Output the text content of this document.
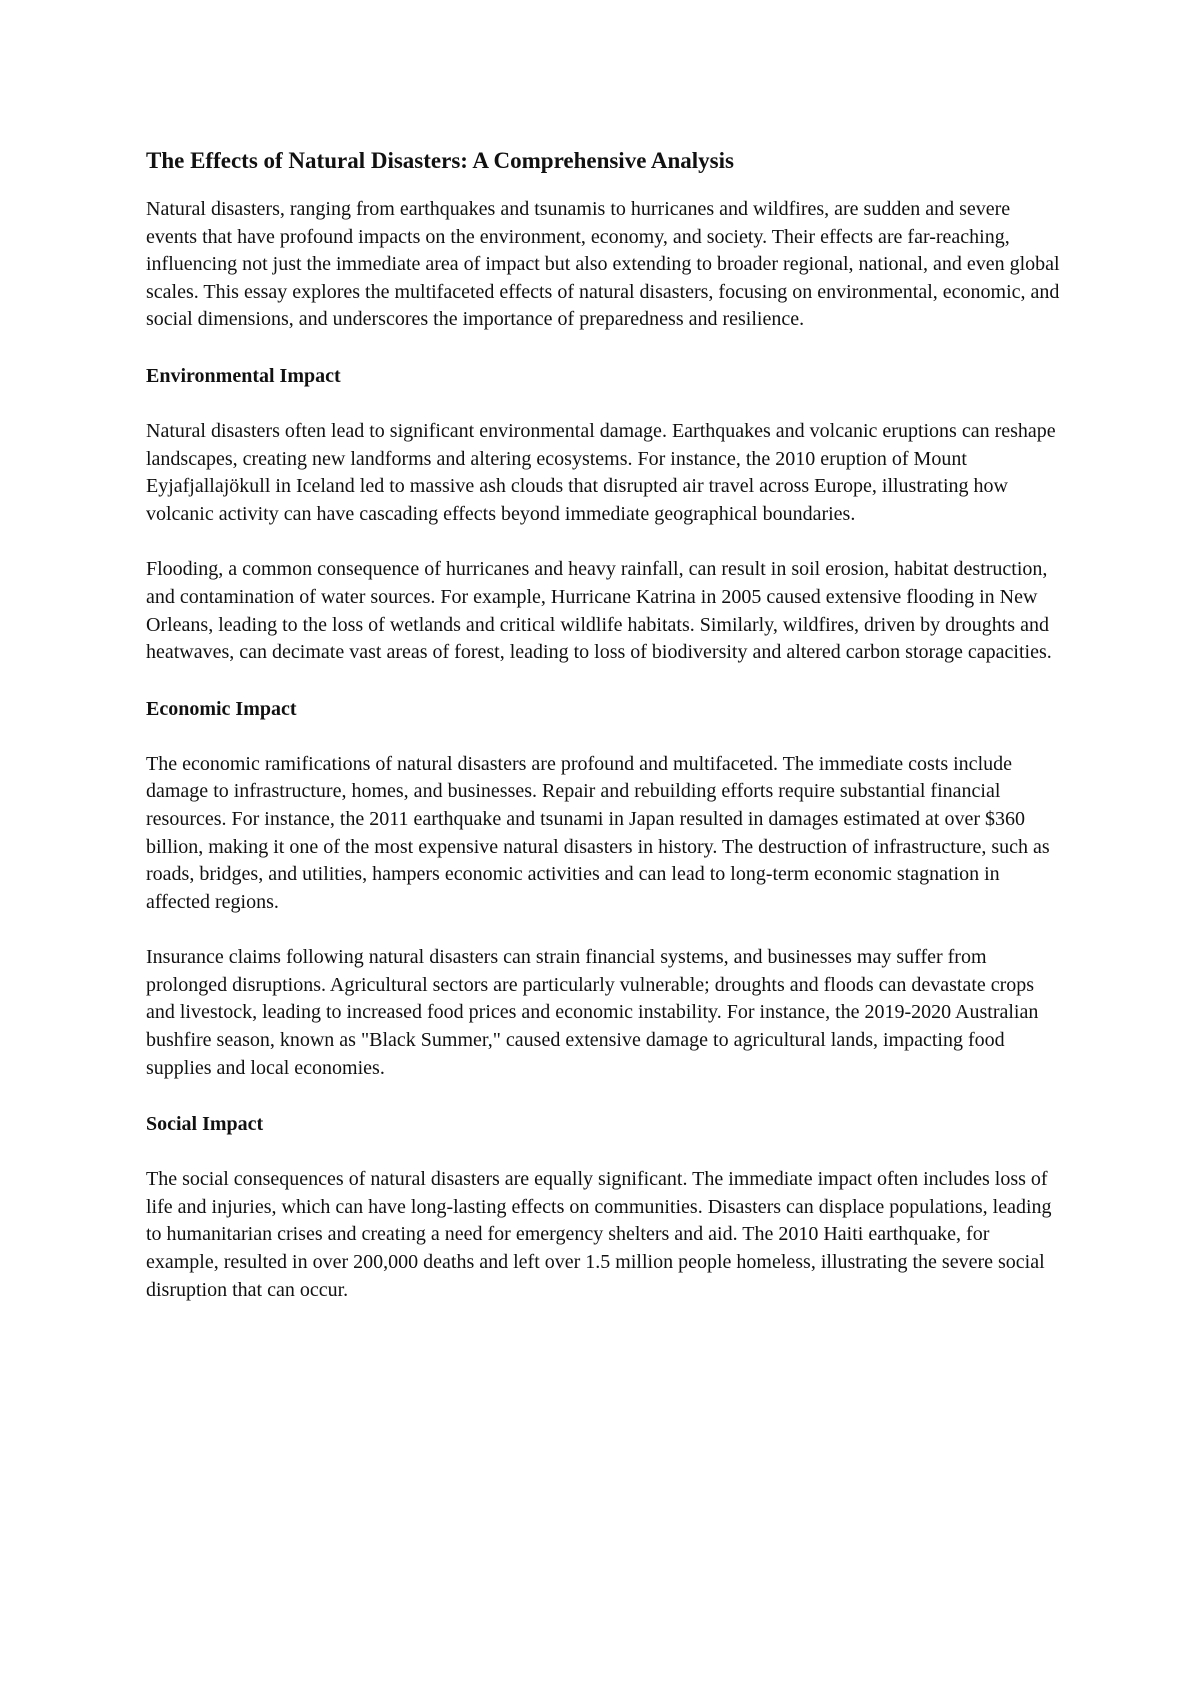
The Effects of Natural Disasters: A Comprehensive Analysis

Natural disasters, ranging from earthquakes and tsunamis to hurricanes and wildfires, are sudden and severe events that have profound impacts on the environment, economy, and society. Their effects are far-reaching, influencing not just the immediate area of impact but also extending to broader regional, national, and even global scales. This essay explores the multifaceted effects of natural disasters, focusing on environmental, economic, and social dimensions, and underscores the importance of preparedness and resilience.

Environmental Impact

Natural disasters often lead to significant environmental damage. Earthquakes and volcanic eruptions can reshape landscapes, creating new landforms and altering ecosystems. For instance, the 2010 eruption of Mount Eyjafjallajökull in Iceland led to massive ash clouds that disrupted air travel across Europe, illustrating how volcanic activity can have cascading effects beyond immediate geographical boundaries.

Flooding, a common consequence of hurricanes and heavy rainfall, can result in soil erosion, habitat destruction, and contamination of water sources. For example, Hurricane Katrina in 2005 caused extensive flooding in New Orleans, leading to the loss of wetlands and critical wildlife habitats. Similarly, wildfires, driven by droughts and heatwaves, can decimate vast areas of forest, leading to loss of biodiversity and altered carbon storage capacities.

Economic Impact

The economic ramifications of natural disasters are profound and multifaceted. The immediate costs include damage to infrastructure, homes, and businesses. Repair and rebuilding efforts require substantial financial resources. For instance, the 2011 earthquake and tsunami in Japan resulted in damages estimated at over $360 billion, making it one of the most expensive natural disasters in history. The destruction of infrastructure, such as roads, bridges, and utilities, hampers economic activities and can lead to long-term economic stagnation in affected regions.

Insurance claims following natural disasters can strain financial systems, and businesses may suffer from prolonged disruptions. Agricultural sectors are particularly vulnerable; droughts and floods can devastate crops and livestock, leading to increased food prices and economic instability. For instance, the 2019-2020 Australian bushfire season, known as "Black Summer," caused extensive damage to agricultural lands, impacting food supplies and local economies.

Social Impact

The social consequences of natural disasters are equally significant. The immediate impact often includes loss of life and injuries, which can have long-lasting effects on communities. Disasters can displace populations, leading to humanitarian crises and creating a need for emergency shelters and aid. The 2010 Haiti earthquake, for example, resulted in over 200,000 deaths and left over 1.5 million people homeless, illustrating the severe social disruption that can occur.
